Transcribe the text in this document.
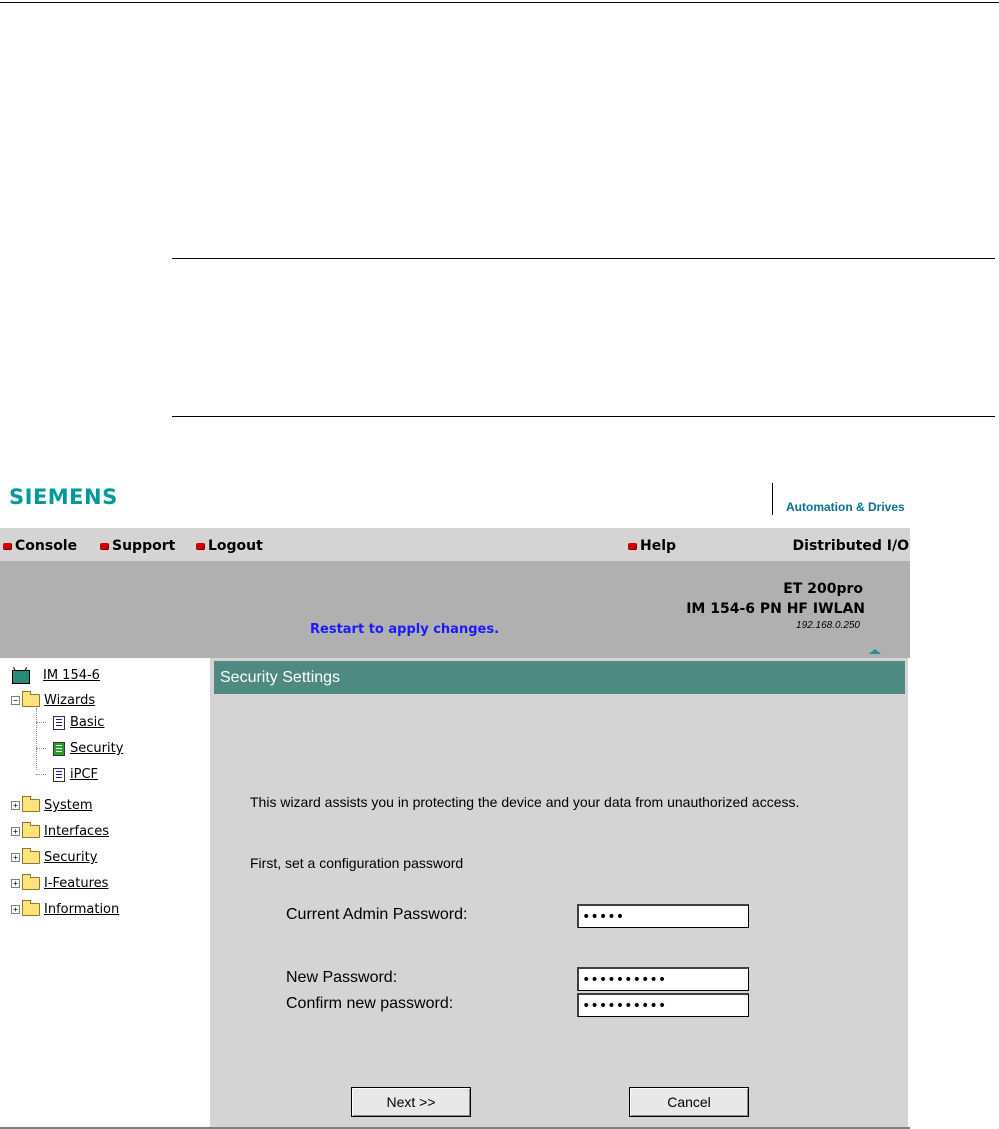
SIEMENS	Automation & Drives
Console Support Logout	Help	Distributed I/O
Restart to apply changes.
ET 200pro
IM 154-6 PN HF IWLAN
192.168.0.250
IM 154-6
− Wizards
Basic
Security
iPCF
+ System
+ Interfaces
+ Security
+ I-Features
+ Information
Security Settings
This wizard assists you in protecting the device and your data from unauthorized access.
First, set a configuration password
Current Admin Password:
•••••
New Password:
••••••••••
Confirm new password:
••••••••••
Next >>	Cancel
